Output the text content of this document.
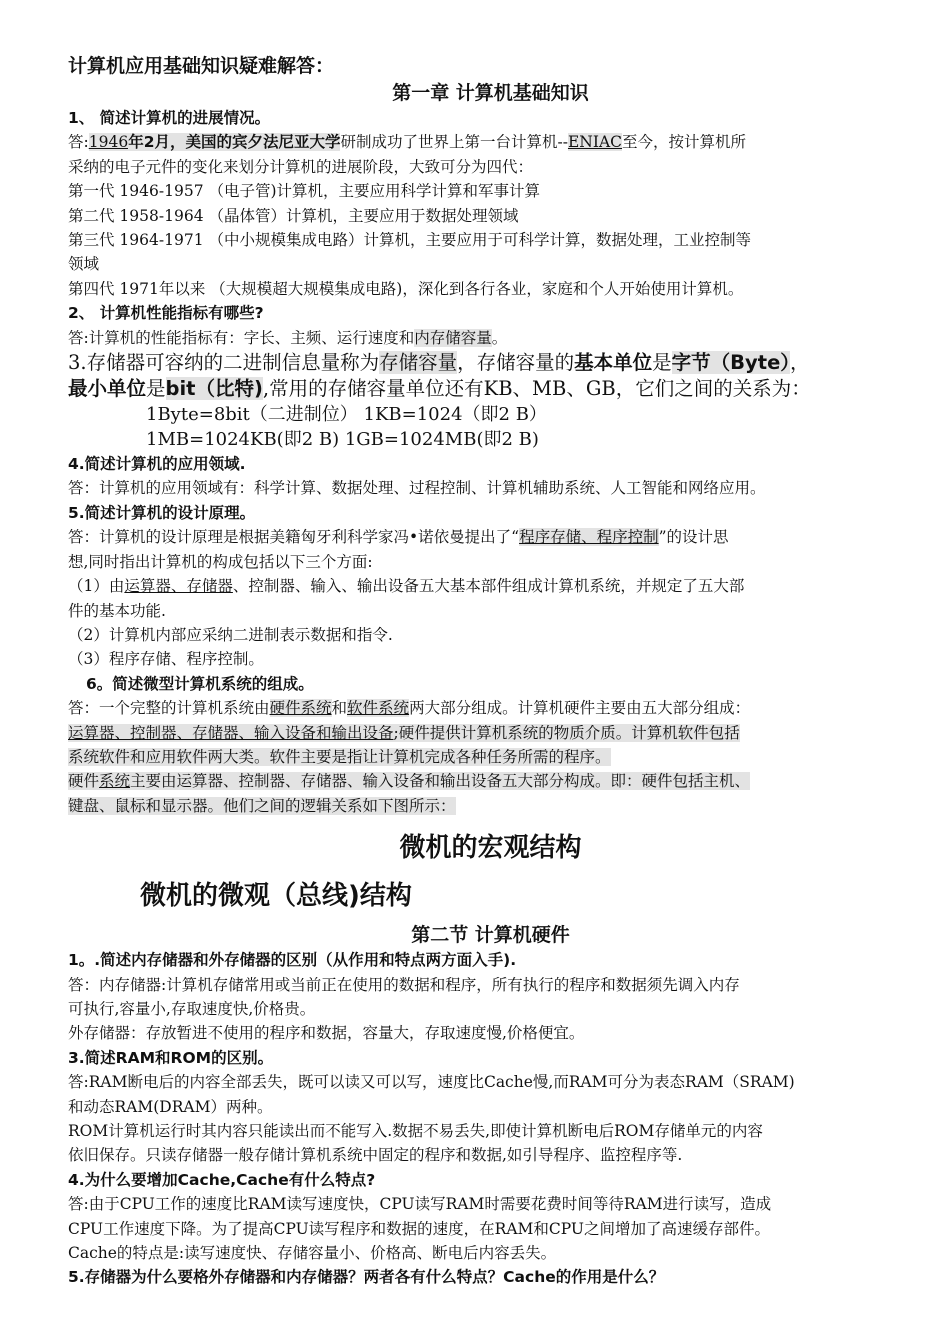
计算机应用基础知识疑难解答：
第一章 计算机基础知识
1、 简述计算机的进展情况。
答:1946年2月，美国的宾夕法尼亚大学研制成功了世界上第一台计算机--ENIAC至今，按计算机所
采纳的电子元件的变化来划分计算机的进展阶段，大致可分为四代：
第一代 1946-1957 （电子管)计算机，主要应用科学计算和军事计算
第二代 1958-1964 （晶体管）计算机，主要应用于数据处理领域
第三代 1964-1971 （中小规模集成电路）计算机，主要应用于可科学计算，数据处理，工业控制等
领域
第四代 1971年以来 （大规模超大规模集成电路)，深化到各行各业，家庭和个人开始使用计算机。
2、 计算机性能指标有哪些?
答:计算机的性能指标有：字长、主频、运行速度和内存储容量。
3.存储器可容纳的二进制信息量称为存储容量，存储容量的基本单位是字节（Byte），
最小单位是bit（比特),常用的存储容量单位还有KB、MB、GB，它们之间的关系为：
1Byte=8bit（二进制位） 1KB=1024（即2 B）
1MB=1024KB(即2 B) 1GB=1024MB(即2 B)
4.简述计算机的应用领域.
答：计算机的应用领域有：科学计算、数据处理、过程控制、计算机辅助系统、人工智能和网络应用。
5.简述计算机的设计原理。
答：计算机的设计原理是根据美籍匈牙利科学家冯•诺依曼提出了“程序存储、程序控制”的设计思
想,同时指出计算机的构成包括以下三个方面:
（1）由运算器、存储器、控制器、输入、输出设备五大基本部件组成计算机系统，并规定了五大部
件的基本功能.
（2）计算机内部应采纳二进制表示数据和指令.
（3）程序存储、程序控制。
6。简述微型计算机系统的组成。
答：一个完整的计算机系统由硬件系统和软件系统两大部分组成。计算机硬件主要由五大部分组成：
运算器、控制器、存储器、输入设备和输出设备;硬件提供计算机系统的物质介质。计算机软件包括
系统软件和应用软件两大类。软件主要是指让计算机完成各种任务所需的程序。
硬件系统主要由运算器、控制器、存储器、输入设备和输出设备五大部分构成。即：硬件包括主机、
键盘、鼠标和显示器。他们之间的逻辑关系如下图所示：
微机的宏观结构
微机的微观（总线)结构
第二节 计算机硬件
1。.简述内存储器和外存储器的区别（从作用和特点两方面入手).
答：内存储器:计算机存储常用或当前正在使用的数据和程序，所有执行的程序和数据须先调入内存
可执行,容量小,存取速度快,价格贵。
外存储器：存放暂进不使用的程序和数据，容量大，存取速度慢,价格便宜。
3.简述RAM和ROM的区别。
答:RAM断电后的内容全部丢失，既可以读又可以写，速度比Cache慢,而RAM可分为表态RAM（SRAM)
和动态RAM(DRAM）两种。
ROM计算机运行时其内容只能读出而不能写入.数据不易丢失,即使计算机断电后ROM存储单元的内容
依旧保存。只读存储器一般存储计算机系统中固定的程序和数据,如引导程序、监控程序等.
4.为什么要增加Cache,Cache有什么特点?
答:由于CPU工作的速度比RAM读写速度快，CPU读写RAM时需要花费时间等待RAM进行读写，造成
CPU工作速度下降。为了提高CPU读写程序和数据的速度，在RAM和CPU之间增加了高速缓存部件。
Cache的特点是:读写速度快、存储容量小、价格高、断电后内容丢失。
5.存储器为什么要格外存储器和内存储器？两者各有什么特点？Cache的作用是什么？
